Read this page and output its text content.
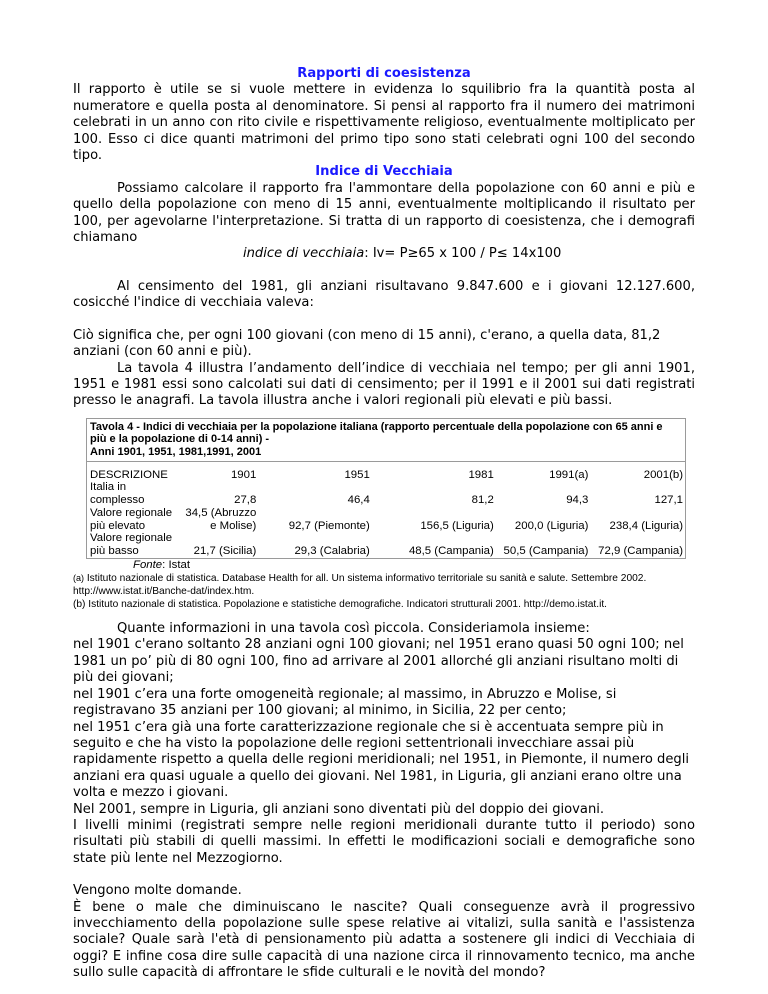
Rapporti di coesistenza
Il rapporto è utile se si vuole mettere in evidenza lo squilibrio fra la quantità posta al numeratore e quella posta al denominatore. Si pensi al rapporto fra il numero dei matrimoni celebrati in un anno con rito civile e rispettivamente religioso, eventualmente moltiplicato per 100. Esso ci dice quanti matrimoni del primo tipo sono stati celebrati ogni 100 del secondo tipo.
Indice di Vecchiaia
Possiamo calcolare il rapporto fra l'ammontare della popolazione con 60 anni e più e quello della popolazione con meno di 15 anni, eventualmente moltiplicando il risultato per 100, per agevolarne l'interpretazione. Si tratta di un rapporto di coesistenza, che i demografi chiamano
indice di vecchiaia: Iv= P≥65 x 100 / P≤ 14x100
Al censimento del 1981, gli anziani risultavano 9.847.600 e i giovani 12.127.600, cosicché l'indice di vecchiaia valeva:
Ciò significa che, per ogni 100 giovani (con meno di 15 anni), c'erano, a quella data, 81,2 anziani (con 60 anni e più).
La tavola 4 illustra l’andamento dell’indice di vecchiaia nel tempo; per gli anni 1901, 1951 e 1981 essi sono calcolati sui dati di censimento; per il 1991 e il 2001 sui dati registrati presso le anagrafi. La tavola illustra anche i valori regionali più elevati e più bassi.
Tavola 4 - Indici di vecchiaia per la popolazione italiana (rapporto percentuale della popolazione con 65 anni e più e la popolazione di 0-14 anni) -
Anni 1901, 1951, 1981,1991, 2001
DESCRIZIONE	1901	1951	1981	1991(a)	2001(b)
Italia in complesso	27,8	46,4	81,2	94,3	127,1
Valore regionale più elevato	34,5 (Abruzzo e Molise)	92,7 (Piemonte)	156,5 (Liguria)	200,0 (Liguria)	238,4 (Liguria)
Valore regionale più basso	21,7 (Sicilia)	29,3 (Calabria)	48,5 (Campania)	50,5 (Campania)	72,9 (Campania)
Fonte: Istat
(a) Istituto nazionale di statistica. Database Health for all. Un sistema informativo territoriale su sanità e salute. Settembre 2002. http://www.istat.it/Banche-dat/index.htm.
(b) Istituto nazionale di statistica. Popolazione e statistiche demografiche. Indicatori strutturali 2001. http://demo.istat.it.
Quante informazioni in una tavola così piccola. Consideriamola insieme:
nel 1901 c'erano soltanto 28 anziani ogni 100 giovani; nel 1951 erano quasi 50 ogni 100; nel 1981 un po’ più di 80 ogni 100, fino ad arrivare al 2001 allorché gli anziani risultano molti di più dei giovani;
nel 1901 c’era una forte omogeneità regionale; al massimo, in Abruzzo e Molise, si registravano 35 anziani per 100 giovani; al minimo, in Sicilia, 22 per cento;
nel 1951 c’era già una forte caratterizzazione regionale che si è accentuata sempre più in seguito e che ha visto la popolazione delle regioni settentrionali invecchiare assai più rapidamente rispetto a quella delle regioni meridionali; nel 1951, in Piemonte, il numero degli anziani era quasi uguale a quello dei giovani. Nel 1981, in Liguria, gli anziani erano oltre una volta e mezzo i giovani.
Nel 2001, sempre in Liguria, gli anziani sono diventati più del doppio dei giovani.
I livelli minimi (registrati sempre nelle regioni meridionali durante tutto il periodo) sono risultati più stabili di quelli massimi. In effetti le modificazioni sociali e demografiche sono state più lente nel Mezzogiorno.
Vengono molte domande.
È bene o male che diminuiscano le nascite? Quali conseguenze avrà il progressivo invecchiamento della popolazione sulle spese relative ai vitalizi, sulla sanità e l'assistenza sociale? Quale sarà l'età di pensionamento più adatta a sostenere gli indici di Vecchiaia di oggi? E infine cosa dire sulle capacità di una nazione circa il rinnovamento tecnico, ma anche sullo sulle capacità di affrontare le sfide culturali e le novità del mondo?
